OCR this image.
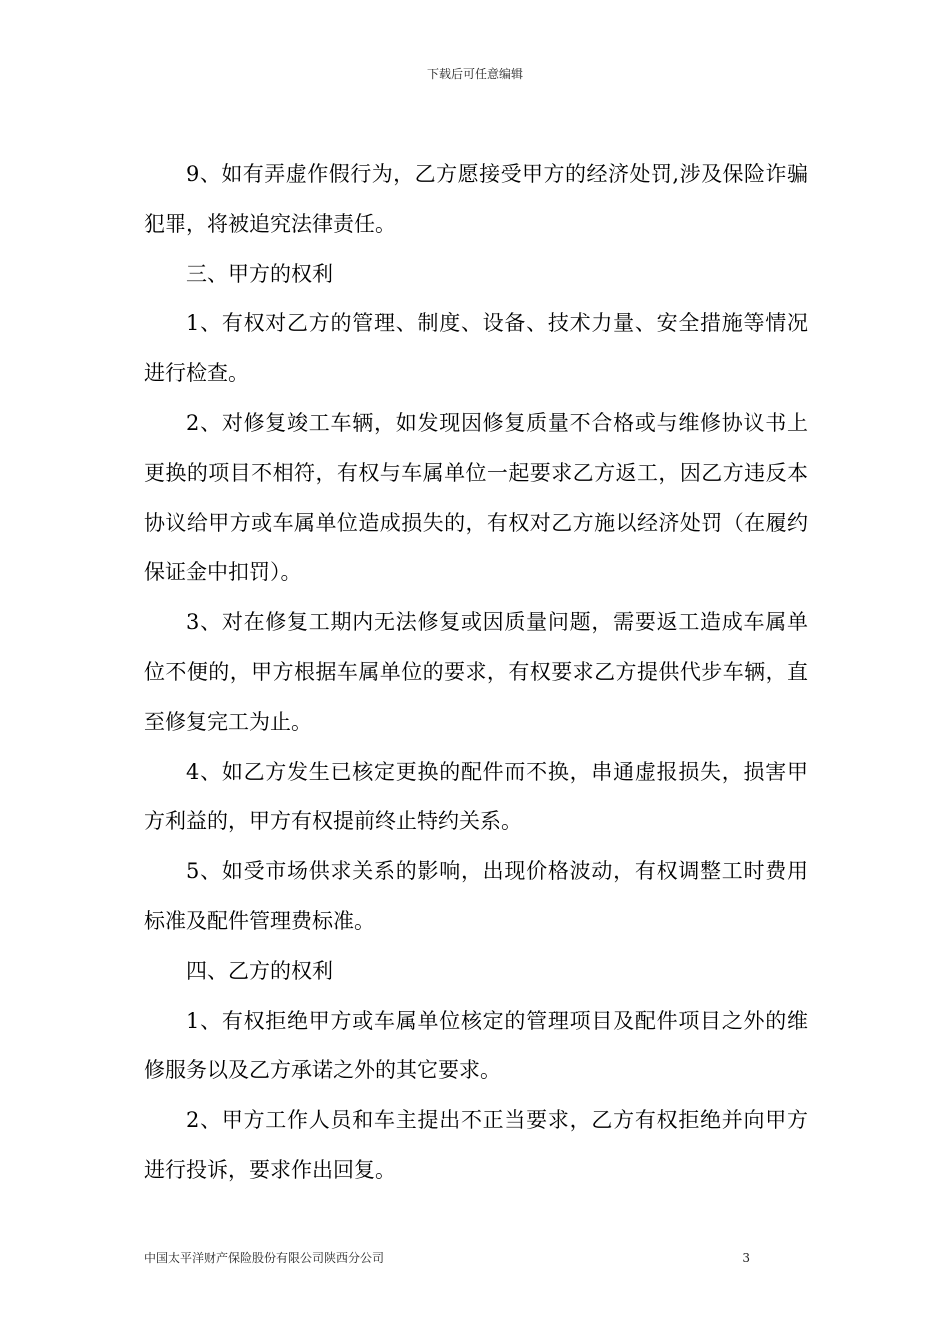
下载后可任意编辑

9、如有弄虚作假行为，乙方愿接受甲方的经济处罚,涉及保险诈骗犯罪，将被追究法律责任。

三、甲方的权利

1、有权对乙方的管理、制度、设备、技术力量、安全措施等情况进行检查。

2、对修复竣工车辆，如发现因修复质量不合格或与维修协议书上更换的项目不相符，有权与车属单位一起要求乙方返工，因乙方违反本协议给甲方或车属单位造成损失的，有权对乙方施以经济处罚（在履约保证金中扣罚）。

3、对在修复工期内无法修复或因质量问题，需要返工造成车属单位不便的，甲方根据车属单位的要求，有权要求乙方提供代步车辆，直至修复完工为止。

4、如乙方发生已核定更换的配件而不换，串通虚报损失，损害甲方利益的，甲方有权提前终止特约关系。

5、如受市场供求关系的影响，出现价格波动，有权调整工时费用标准及配件管理费标准。

四、乙方的权利

1、有权拒绝甲方或车属单位核定的管理项目及配件项目之外的维修服务以及乙方承诺之外的其它要求。

2、甲方工作人员和车主提出不正当要求，乙方有权拒绝并向甲方进行投诉，要求作出回复。

中国太平洋财产保险股份有限公司陕西分公司	3
